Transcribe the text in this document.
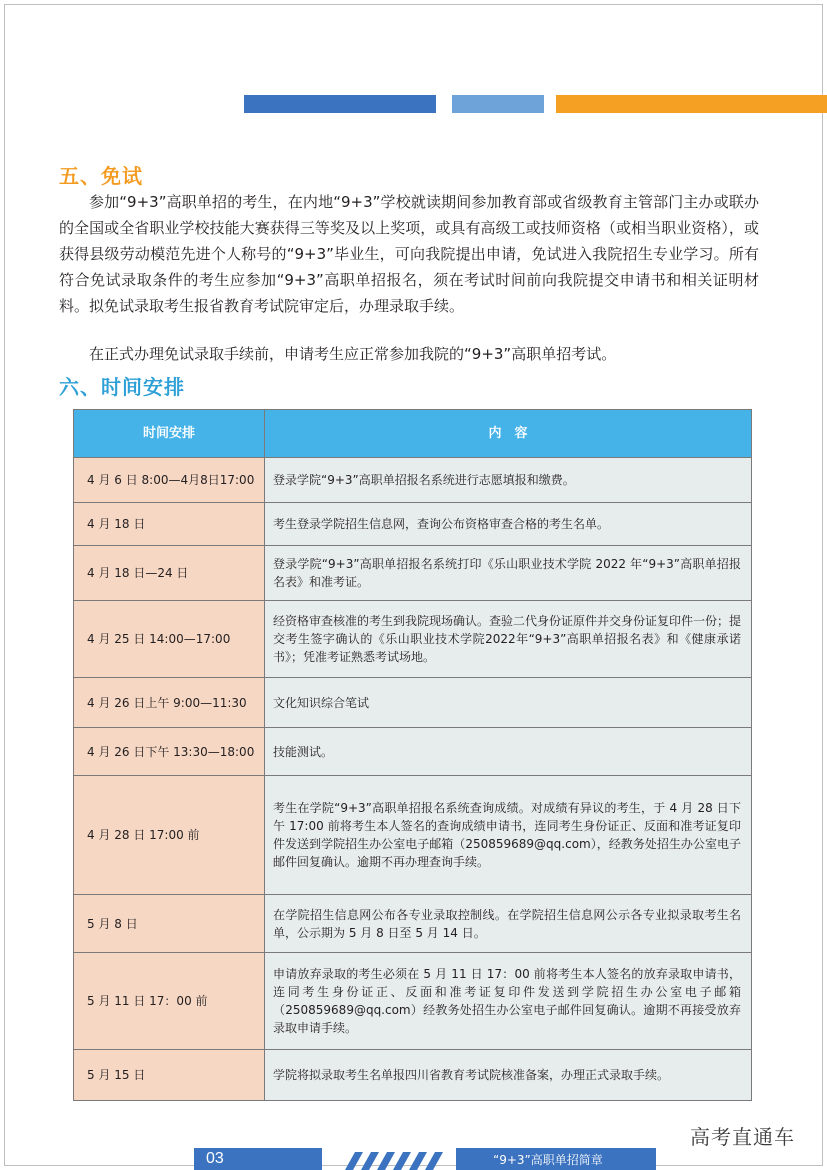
五、免试

参加“9+3”高职单招的考生，在内地“9+3”学校就读期间参加教育部或省级教育主管部门主办或联办的全国或全省职业学校技能大赛获得三等奖及以上奖项，或具有高级工或技师资格（或相当职业资格），或获得县级劳动模范先进个人称号的“9+3”毕业生，可向我院提出申请，免试进入我院招生专业学习。所有符合免试录取条件的考生应参加“9+3”高职单招报名，须在考试时间前向我院提交申请书和相关证明材料。拟免试录取考生报省教育考试院审定后，办理录取手续。

在正式办理免试录取手续前，申请考生应正常参加我院的“9+3”高职单招考试。

六、时间安排
时间安排	内　容
4 月 6 日 8:00—4月8日17:00	登录学院“9+3”高职单招报名系统进行志愿填报和缴费。
4 月 18 日	考生登录学院招生信息网，查询公布资格审查合格的考生名单。
4 月 18 日—24 日	登录学院“9+3”高职单招报名系统打印《乐山职业技术学院 2022 年“9+3”高职单招报名表》和准考证。
4 月 25 日 14:00—17:00	经资格审查核准的考生到我院现场确认。查验二代身份证原件并交身份证复印件一份；提交考生签字确认的《乐山职业技术学院2022年“9+3”高职单招报名表》和《健康承诺书》；凭准考证熟悉考试场地。
4 月 26 日上午 9:00—11:30	文化知识综合笔试
4 月 26 日下午 13:30—18:00	技能测试。
4 月 28 日 17:00 前	考生在学院“9+3”高职单招报名系统查询成绩。对成绩有异议的考生，于 4 月 28 日下午 17:00 前将考生本人签名的查询成绩申请书，连同考生身份证正、反面和准考证复印件发送到学院招生办公室电子邮箱（250859689@qq.com），经教务处招生办公室电子邮件回复确认。逾期不再办理查询手续。
5 月 8 日	在学院招生信息网公布各专业录取控制线。在学院招生信息网公示各专业拟录取考生名单，公示期为 5 月 8 日至 5 月 14 日。
5 月 11 日 17：00 前	申请放弃录取的考生必须在 5 月 11 日 17：00 前将考生本人签名的放弃录取申请书，连同考生身份证正、反面和准考证复印件发送到学院招生办公室电子邮箱（250859689@qq.com）经教务处招生办公室电子邮件回复确认。逾期不再接受放弃录取申请手续。
5 月 15 日	学院将拟录取考生名单报四川省教育考试院核准备案，办理正式录取手续。
高考直通车
03	“9+3”高职单招简章
